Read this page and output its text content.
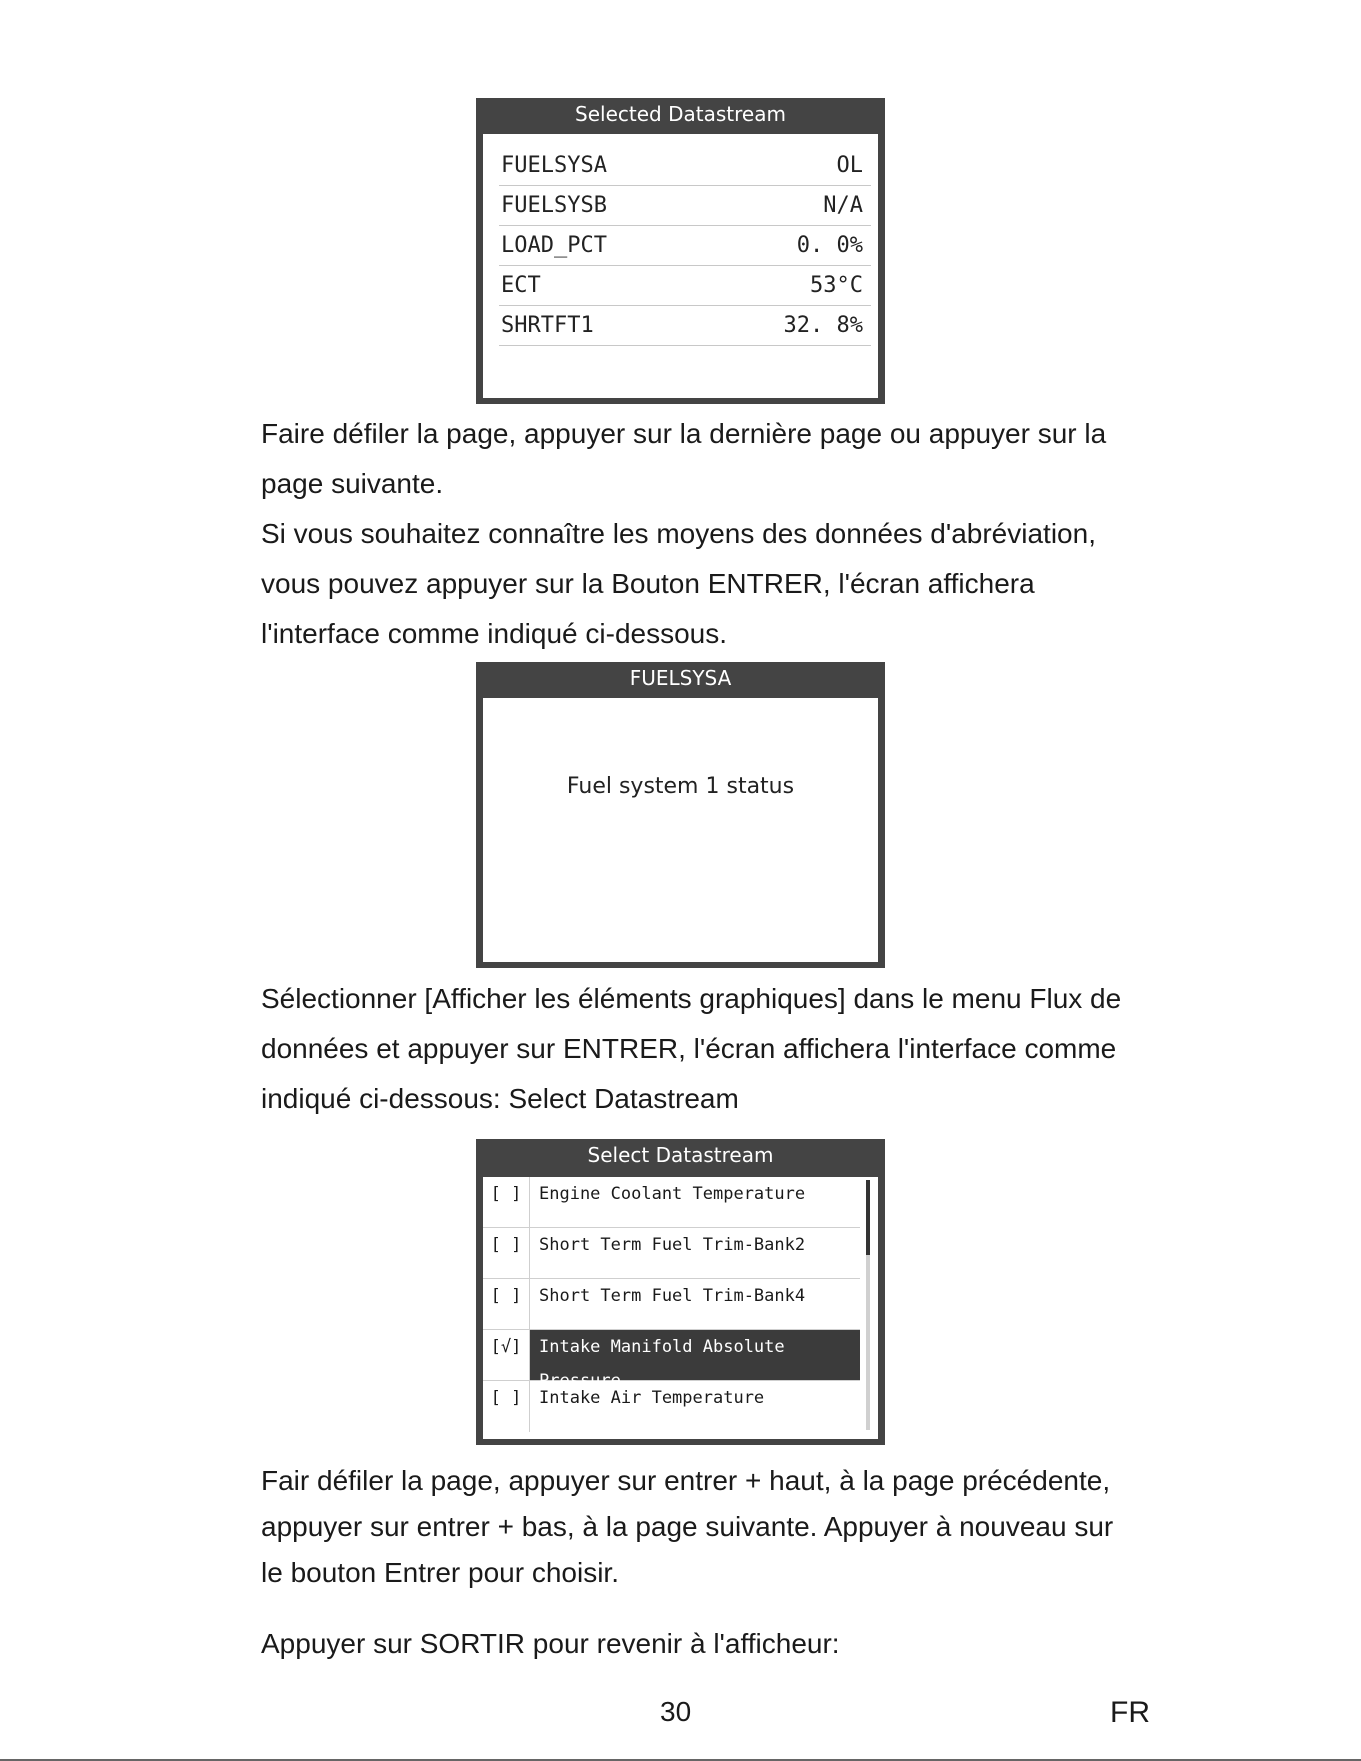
Selected Datastream
FUELSYSA	OL
FUELSYSB	N/A
LOAD_PCT	0. 0%
ECT	53°C
SHRTFT1	32. 8%
Faire défiler la page, appuyer sur la dernière page ou appuyer sur la
page suivante.
Si vous souhaitez connaître les moyens des données d'abréviation,
vous pouvez appuyer sur la Bouton ENTRER, l'écran affichera
l'interface comme indiqué ci-dessous.
FUELSYSA
Fuel system 1 status
Sélectionner [Afficher les éléments graphiques] dans le menu Flux de
données et appuyer sur ENTRER, l'écran affichera l'interface comme
indiqué ci-dessous: Select Datastream
Select Datastream
[ ]	Engine Coolant Temperature
[ ]	Short Term Fuel Trim-Bank2
[ ]	Short Term Fuel Trim-Bank4
[√]	Intake Manifold Absolute Pressure
[ ]	Intake Air Temperature
Fair défiler la page, appuyer sur entrer + haut, à la page précédente,
appuyer sur entrer + bas, à la page suivante. Appuyer à nouveau sur
le bouton Entrer pour choisir.
Appuyer sur SORTIR pour revenir à l'afficheur:
30	FR
